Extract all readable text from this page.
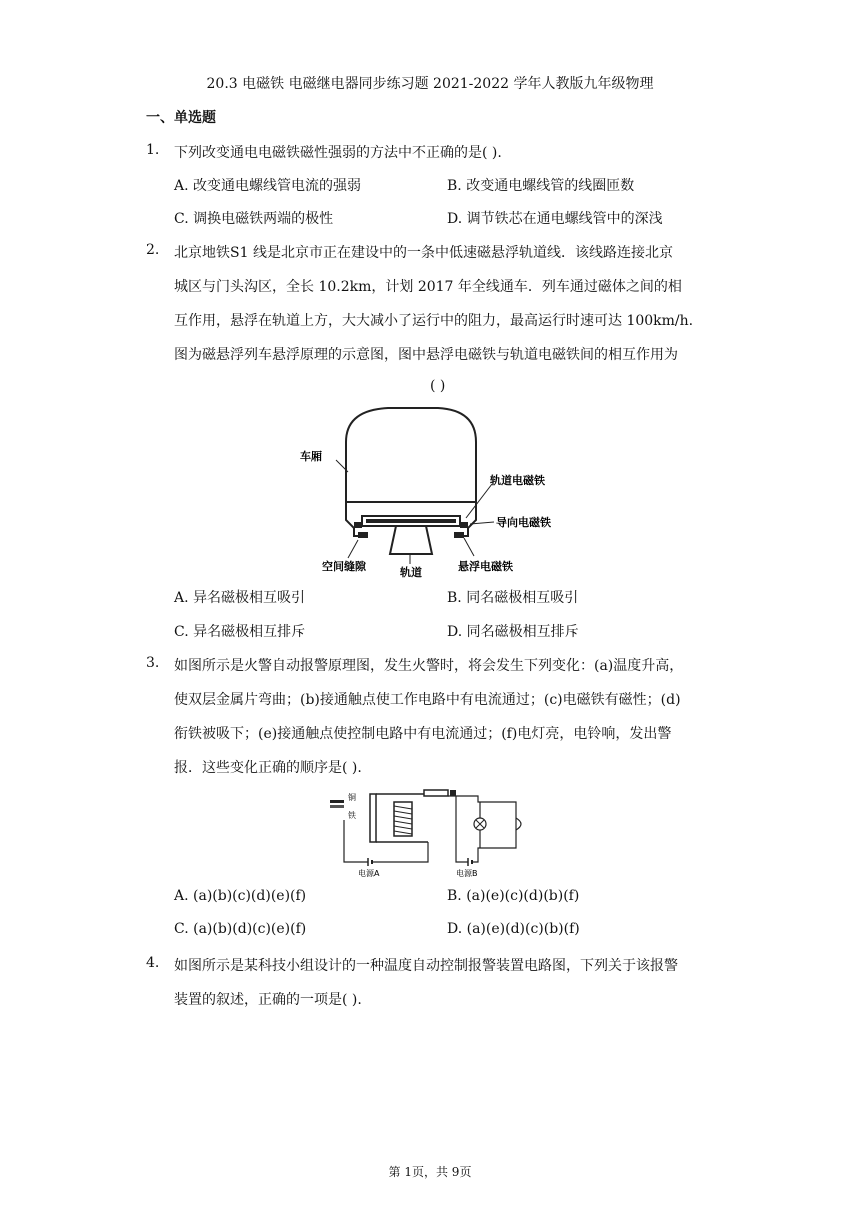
20.3 电磁铁 电磁继电器同步练习题 2021-2022 学年人教版九年级物理
一、单选题
1. 下列改变通电电磁铁磁性强弱的方法中不正确的是( ).
A. 改变通电螺线管电流的强弱	B. 改变通电螺线管的线圈匝数
C. 调换电磁铁两端的极性	D. 调节铁芯在通电螺线管中的深浅
2. 北京地铁S1 线是北京市正在建设中的一条中低速磁悬浮轨道线．该线路连接北京
城区与门头沟区，全长 10.2km，计划 2017 年全线通车．列车通过磁体之间的相
互作用，悬浮在轨道上方，大大减小了运行中的阻力，最高运行时速可达 100km/h.
图为磁悬浮列车悬浮原理的示意图，图中悬浮电磁铁与轨道电磁铁间的相互作用为
( )
车厢
轨道电磁铁
导向电磁铁
空间缝隙	轨道	悬浮电磁铁
A. 异名磁极相互吸引	B. 同名磁极相互吸引
C. 异名磁极相互排斥	D. 同名磁极相互排斥
3. 如图所示是火警自动报警原理图，发生火警时，将会发生下列变化：(a)温度升高，
使双层金属片弯曲；(b)接通触点使工作电路中有电流通过；(c)电磁铁有磁性；(d)
衔铁被吸下；(e)接通触点使控制电路中有电流通过；(f)电灯亮，电铃响，发出警
报．这些变化正确的顺序是( ).
铜
铁
电源A	电源B
A. (a)(b)(c)(d)(e)(f)	B. (a)(e)(c)(d)(b)(f)
C. (a)(b)(d)(c)(e)(f)	D. (a)(e)(d)(c)(b)(f)
4. 如图所示是某科技小组设计的一种温度自动控制报警装置电路图，下列关于该报警
装置的叙述，正确的一项是( ).
第 1页，共 9页
